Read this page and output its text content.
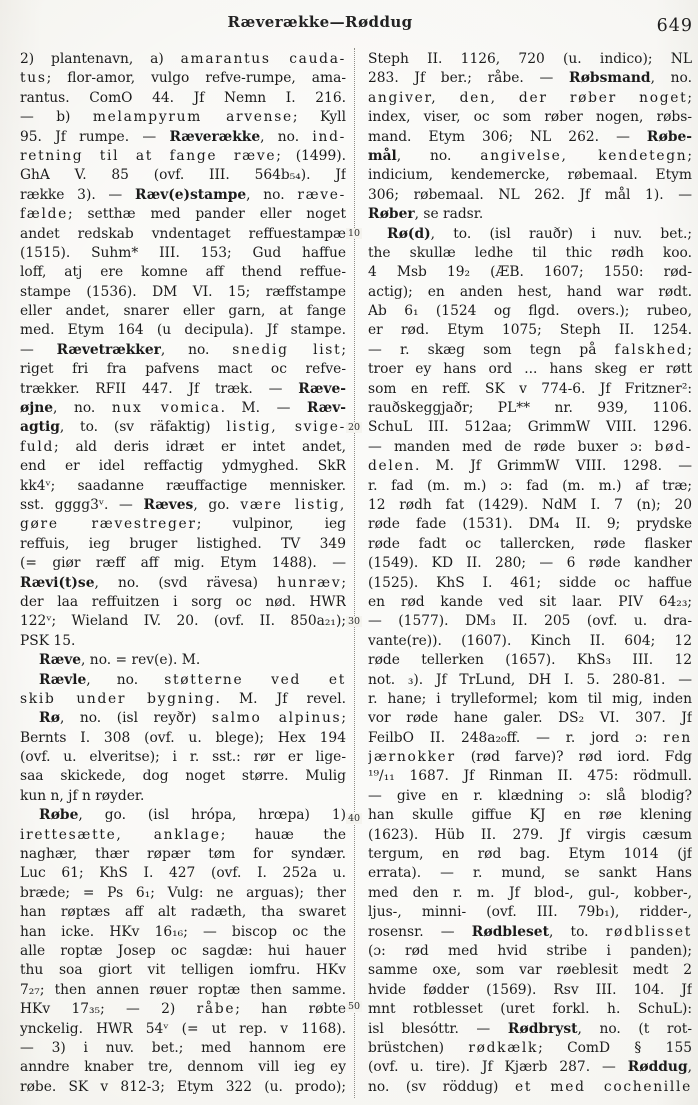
Ræverække—Røddug	649
10
20
30
40
50
2) plantenavn, a) amarantus cauda-
tus; flor-amor, vulgo refve-rumpe, ama-
rantus. ComO 44. Jf Nemn I. 216.
— b) melampyrum arvense; Kyll
95. Jf rumpe. — Ræverække, no. ind-
retning til at fange ræve; (1499).
GhA V. 85 (ovf. III. 564b₅₄). Jf
række 3). — Ræv(e)stampe, no. ræve-
fælde; setthæ med pander eller noget
andet redskab vndentaget reffuestampæ
(1515). Suhm* III. 153; Gud haffue
loff, atj ere komne aff thend reffue-
stampe (1536). DM VI. 15; ræffstampe
eller andet, snarer eller garn, at fange
med. Etym 164 (u decipula). Jf stampe.
— Rævetrækker, no. snedig list;
riget fri fra pafvens mact oc refve-
trækker. RFII 447. Jf træk. — Ræve-
øjne, no. nux vomica. M. — Ræv-
agtig, to. (sv räfaktig) listig, svige-
fuld; ald deris idræt er intet andet,
end er idel reffactig ydmyghed. SkR
kk4ᵛ; saadanne ræuffactige mennisker.
sst. gggg3ᵛ. — Ræves, go. være listig,
gøre rævestreger; vulpinor, ieg
reffuis, ieg bruger listighed. TV 349
(= giør ræff aff mig. Etym 1488). —
Rævi(t)se, no. (svd rävesa) hunræv;
der laa reffuitzen i sorg oc nød. HWR
122ᵛ; Wieland IV. 20. (ovf. II. 850a₂₁);
PSK 15.
Ræve, no. = rev(e). M.
Rævle, no. støtterne ved et
skib under bygning. M. Jf revel.
Rø, no. (isl reyðr) salmo alpinus;
Bernts I. 308 (ovf. u. blege); Hex 194
(ovf. u. elveritse); i r. sst.: rør er lige-
saa skickede, dog noget større. Mulig
kun n, jf n røyder.
Røbe, go. (isl hrópa, hrœpa) 1)
irettesætte, anklage; hauæ the
naghær, thær røpær tøm for syndær.
Luc 61; KhS I. 427 (ovf. I. 252a u.
bræde; = Ps 6₁; Vulg: ne arguas); ther
han røptæs aff alt radæth, tha swaret
han icke. HKv 16₁₆; — biscop oc the
alle roptæ Josep oc sagdæ: hui hauer
thu soa giort vit telligen iomfru. HKv
7₂₇; then annen røuer roptæ then samme.
HKv 17₃₅; — 2) råbe; han røbte
ynckelig. HWR 54ᵛ (= ut rep. v 1168).
— 3) i nuv. bet.; med hannom ere
anndre knaber tre, dennom vill ieg ey
røbe. SK v 812-3; Etym 322 (u. prodo);
Steph II. 1126, 720 (u. indico); NL
283. Jf ber.; råbe. — Røbsmand, no.
angiver, den, der røber noget;
index, viser, oc som røber nogen, røbs-
mand. Etym 306; NL 262. — Røbe-
mål, no. angivelse, kendetegn;
indicium, kendemercke, røbemaal. Etym
306; røbemaal. NL 262. Jf mål 1). —
Røber, se radsr.
Rø(d), to. (isl rauðr) i nuv. bet.;
the skullæ ledhe til thic rødh koo.
4 Msb 19₂ (ÆB. 1607; 1550: rød-
actig); en anden hest, hand war rødt.
Ab 6₁ (1524 og flgd. overs.); rubeo,
er rød. Etym 1075; Steph II. 1254.
— r. skæg som tegn på falskhed;
troer ey hans ord ... hans skeg er røtt
som en reff. SK v 774-6. Jf Fritzner²:
rauðskeggjaðr; PL** nr. 939, 1106.
SchuL III. 512aa; GrimmW VIII. 1296.
— manden med de røde buxer ɔ: bød-
delen. M. Jf GrimmW VIII. 1298. —
r. fad (m. m.) ɔ: fad (m. m.) af træ;
12 rødh fat (1429). NdM I. 7 (n); 20
røde fade (1531). DM₄ II. 9; prydske
røde fadt oc tallercken, røde flasker
(1549). KD II. 280; — 6 røde kandher
(1525). KhS I. 461; sidde oc haffue
en rød kande ved sit laar. PIV 64₂₃;
— (1577). DM₃ II. 205 (ovf. u. dra-
vante(re)). (1607). Kinch II. 604; 12
røde tellerken (1657). KhS₃ III. 12
not. ₃). Jf TrLund, DH I. 5. 280-81. —
r. hane; i trylleformel; kom til mig, inden
vor røde hane galer. DS₂ VI. 307. Jf
FeilbO II. 248a₂₀ff. — r. jord ɔ: ren
jærnokker (rød farve)? rød iord. Fdg
¹⁹/₁₁ 1687. Jf Rinman II. 475: rödmull.
— give en r. klædning ɔ: slå blodig?
han skulle giffue KJ en røe klening
(1623). Hüb II. 279. Jf virgis cæsum
tergum, en rød bag. Etym 1014 (jf
errata). — r. mund, se sankt Hans
med den r. m. Jf blod-, gul-, kobber-,
ljus-, minni- (ovf. III. 79b₁), ridder-,
rosensr. — Rødbleset, to. rødblisset
(ɔ: rød med hvid stribe i panden);
samme oxe, som var røeblesit medt 2
hvide fødder (1569). Rsv III. 104. Jf
mnt rotblesset (uret forkl. h. SchuL):
isl blesóttr. — Rødbryst, no. (t rot-
brüstchen) rødkælk; ComD § 155
(ovf. u. tire). Jf Kjærb 287. — Røddug,
no. (sv röddug) et med cochenille
